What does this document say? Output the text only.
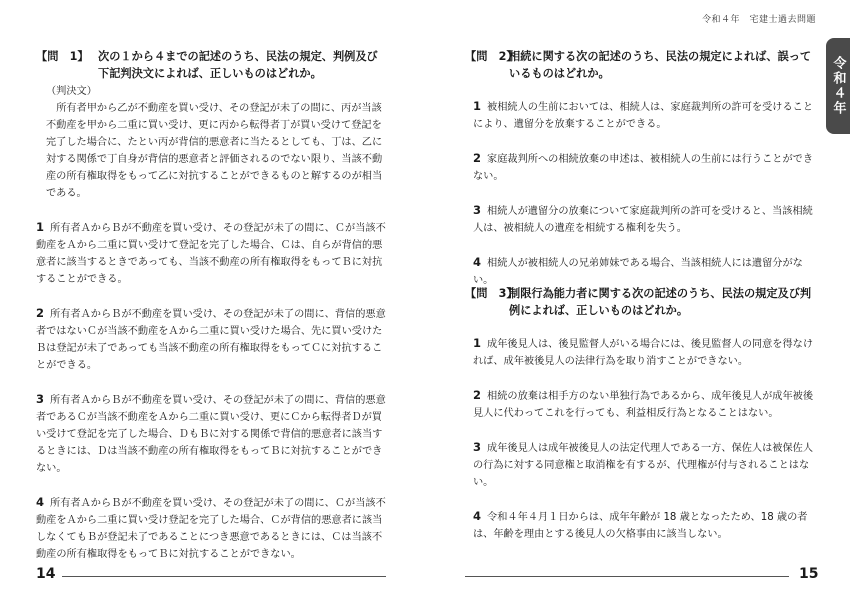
【問　1】 次の１から４までの記述のうち、民法の規定、判例及び下記判決文によれば、正しいものはどれか。
（判決文）
所有者甲から乙が不動産を買い受け、その登記が未了の間に、丙が当該不動産を甲から二重に買い受け、更に丙から転得者丁が買い受けて登記を完了した場合に、たとい丙が背信的悪意者に当たるとしても、丁は、乙に対する関係で丁自身が背信的悪意者と評価されるのでない限り、当該不動産の所有権取得をもって乙に対抗することができるものと解するのが相当である。
1 所有者ＡからＢが不動産を買い受け、その登記が未了の間に、Ｃが当該不動産をＡから二重に買い受けて登記を完了した場合、Ｃは、自らが背信的悪意者に該当するときであっても、当該不動産の所有権取得をもってＢに対抗することができる。
2 所有者ＡからＢが不動産を買い受け、その登記が未了の間に、背信的悪意者ではないＣが当該不動産をＡから二重に買い受けた場合、先に買い受けたＢは登記が未了であっても当該不動産の所有権取得をもってＣに対抗することができる。
3 所有者ＡからＢが不動産を買い受け、その登記が未了の間に、背信的悪意者であるＣが当該不動産をＡから二重に買い受け、更にＣから転得者Ｄが買い受けて登記を完了した場合、ＤもＢに対する関係で背信的悪意者に該当するときには、Ｄは当該不動産の所有権取得をもってＢに対抗することができない。
4 所有者ＡからＢが不動産を買い受け、その登記が未了の間に、Ｃが当該不動産をＡから二重に買い受け登記を完了した場合、Ｃが背信的悪意者に該当しなくてもＢが登記未了であることにつき悪意であるときには、Ｃは当該不動産の所有権取得をもってＢに対抗することができない。
14
令和４年　宅建士過去問題
令和４年
【問　2】
相続に関する次の記述のうち、民法の規定によれば、誤っているものはどれか。
1 被相続人の生前においては、相続人は、家庭裁判所の許可を受けることにより、遺留分を放棄することができる。
2 家庭裁判所への相続放棄の申述は、被相続人の生前には行うことができない。
3 相続人が遺留分の放棄について家庭裁判所の許可を受けると、当該相続人は、被相続人の遺産を相続する権利を失う。
4 相続人が被相続人の兄弟姉妹である場合、当該相続人には遺留分がない。
【問　3】
制限行為能力者に関する次の記述のうち、民法の規定及び判例によれば、正しいものはどれか。
1 成年後見人は、後見監督人がいる場合には、後見監督人の同意を得なければ、成年被後見人の法律行為を取り消すことができない。
2 相続の放棄は相手方のない単独行為であるから、成年後見人が成年被後見人に代わってこれを行っても、利益相反行為となることはない。
3 成年後見人は成年被後見人の法定代理人である一方、保佐人は被保佐人の行為に対する同意権と取消権を有するが、代理権が付与されることはない。
4 令和４年４月１日からは、成年年齢が 18 歳となったため、18 歳の者は、年齢を理由とする後見人の欠格事由に該当しない。
15
